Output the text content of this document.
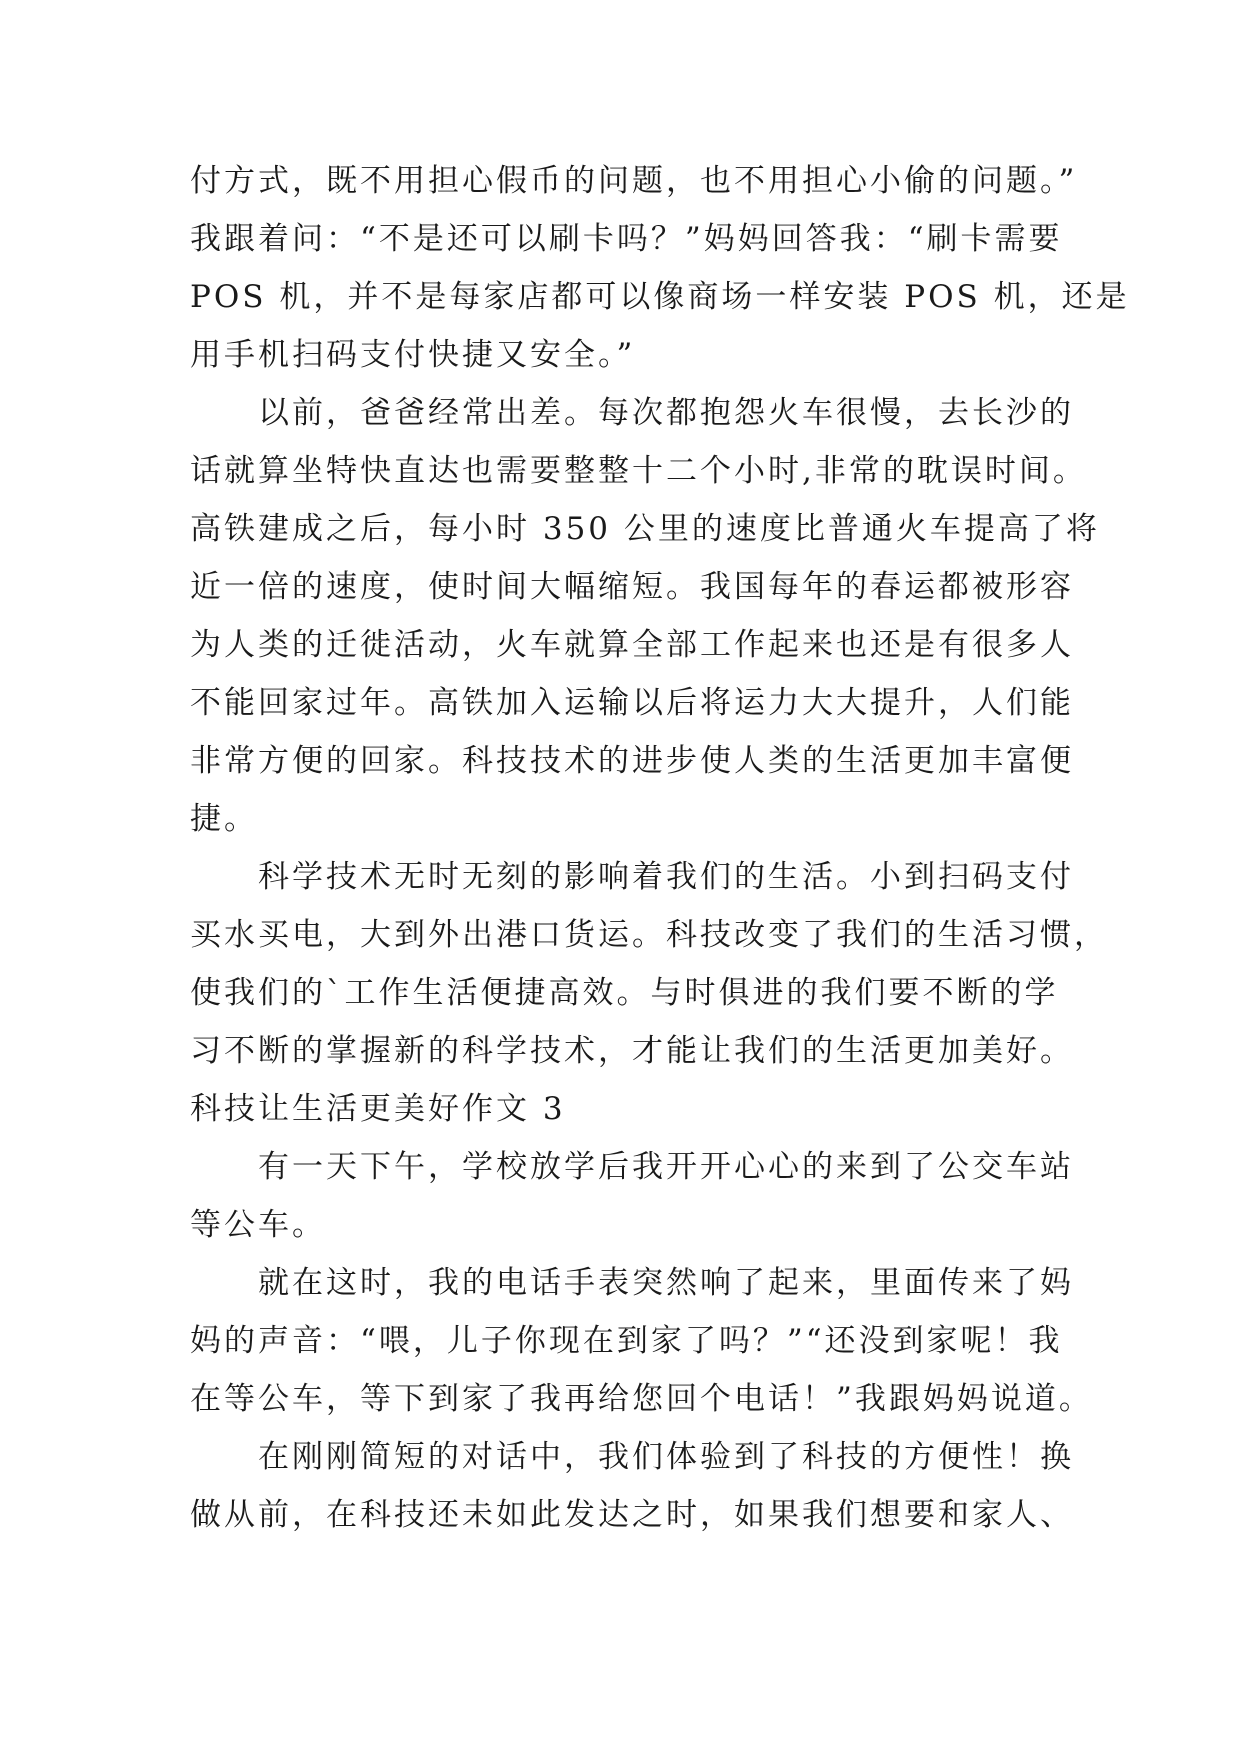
付方式，既不用担心假币的问题，也不用担心小偷的问题。”
我跟着问：“不是还可以刷卡吗？”妈妈回答我：“刷卡需要
POS 机，并不是每家店都可以像商场一样安装 POS 机，还是
用手机扫码支付快捷又安全。”
以前，爸爸经常出差。每次都抱怨火车很慢，去长沙的
话就算坐特快直达也需要整整十二个小时,非常的耽误时间。
高铁建成之后，每小时 350 公里的速度比普通火车提高了将
近一倍的速度，使时间大幅缩短。我国每年的春运都被形容
为人类的迁徙活动，火车就算全部工作起来也还是有很多人
不能回家过年。高铁加入运输以后将运力大大提升，人们能
非常方便的回家。科技技术的进步使人类的生活更加丰富便
捷。
科学技术无时无刻的影响着我们的生活。小到扫码支付
买水买电，大到外出港口货运。科技改变了我们的生活习惯，
使我们的`工作生活便捷高效。与时俱进的我们要不断的学
习不断的掌握新的科学技术，才能让我们的生活更加美好。
科技让生活更美好作文 3
有一天下午，学校放学后我开开心心的来到了公交车站
等公车。
就在这时，我的电话手表突然响了起来，里面传来了妈
妈的声音：“喂，儿子你现在到家了吗？”“还没到家呢！我
在等公车，等下到家了我再给您回个电话！”我跟妈妈说道。
在刚刚简短的对话中，我们体验到了科技的方便性！换
做从前，在科技还未如此发达之时，如果我们想要和家人、
